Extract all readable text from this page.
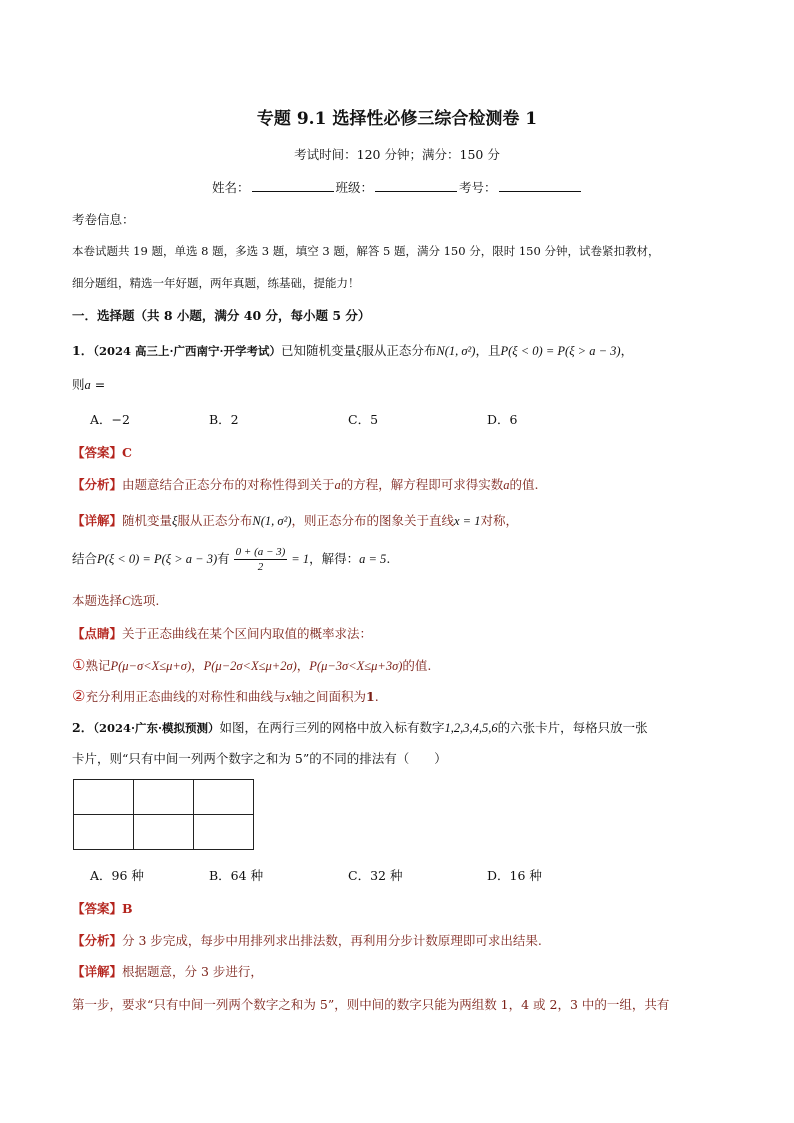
专题 9.1 选择性必修三综合检测卷 1
考试时间：120 分钟；满分：150 分
姓名：	班级：	考号：
考卷信息：
本卷试题共 19 题，单选 8 题，多选 3 题，填空 3 题，解答 5 题，满分 150 分，限时 150 分钟，试卷紧扣教材，
细分题组，精选一年好题，两年真题，练基础，提能力！
一．选择题（共 8 小题，满分 40 分，每小题 5 分）
1．（2024 高三上·广西南宁·开学考试）已知随机变量ξ服从正态分布N(1, σ²)，且P(ξ < 0) = P(ξ > a − 3)，
则a =
A．−2	B．2	C．5	D．6
【答案】C
【分析】由题意结合正态分布的对称性得到关于a的方程，解方程即可求得实数a的值.
【详解】随机变量ξ服从正态分布N(1, σ²)，则正态分布的图象关于直线x = 1对称，
结合P(ξ < 0) = P(ξ > a − 3)有 $\frac{0 + (a - 3)}{2} = 1$，解得：a = 5.
本题选择C选项.
【点睛】关于正态曲线在某个区间内取值的概率求法：
①熟记P(μ−σ<X≤μ+σ)，P(μ−2σ<X≤μ+2σ)，P(μ−3σ<X≤μ+3σ)的值.
②充分利用正态曲线的对称性和曲线与x轴之间面积为1.
2．（2024·广东·模拟预测）如图，在两行三列的网格中放入标有数字1,2,3,4,5,6的六张卡片，每格只放一张
卡片，则“只有中间一列两个数字之和为 5”的不同的排法有（　　）

A．96 种	B．64 种	C．32 种	D．16 种
【答案】B
【分析】分 3 步完成，每步中用排列求出排法数，再利用分步计数原理即可求出结果.
【详解】根据题意，分 3 步进行，
第一步，要求“只有中间一列两个数字之和为 5”，则中间的数字只能为两组数 1，4 或 2，3 中的一组，共有
